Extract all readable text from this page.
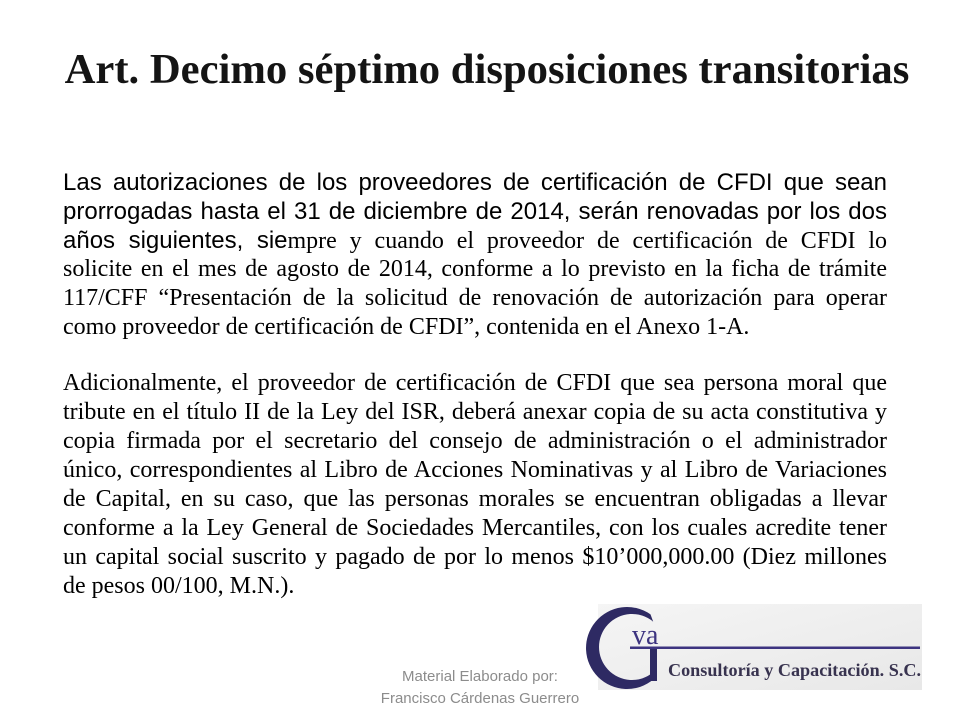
Art. Decimo séptimo disposiciones transitorias
Las autorizaciones de los proveedores de certificación de CFDI que sean
prorrogadas hasta el 31 de diciembre de 2014, serán renovadas por los dos
años siguientes, siempre y cuando el proveedor de certificación de CFDI lo
solicite en el mes de agosto de 2014, conforme a lo previsto en la ficha de trámite
117/CFF “Presentación de la solicitud de renovación de autorización para operar
como proveedor de certificación de CFDI”, contenida en el Anexo 1-A.
Adicionalmente, el proveedor de certificación de CFDI que sea persona moral que
tribute en el título II de la Ley del ISR, deberá anexar copia de su acta constitutiva y
copia firmada por el secretario del consejo de administración o el administrador
único, correspondientes al Libro de Acciones Nominativas y al Libro de Variaciones
de Capital, en su caso, que las personas morales se encuentran obligadas a llevar
conforme a la Ley General de Sociedades Mercantiles, con los cuales acredite tener
un capital social suscrito y pagado de por lo menos $10’000,000.00 (Diez millones
de pesos 00/100, M.N.).
Material Elaborado por:
Francisco Cárdenas Guerrero
va
Consultoría y Capacitación. S.C.
